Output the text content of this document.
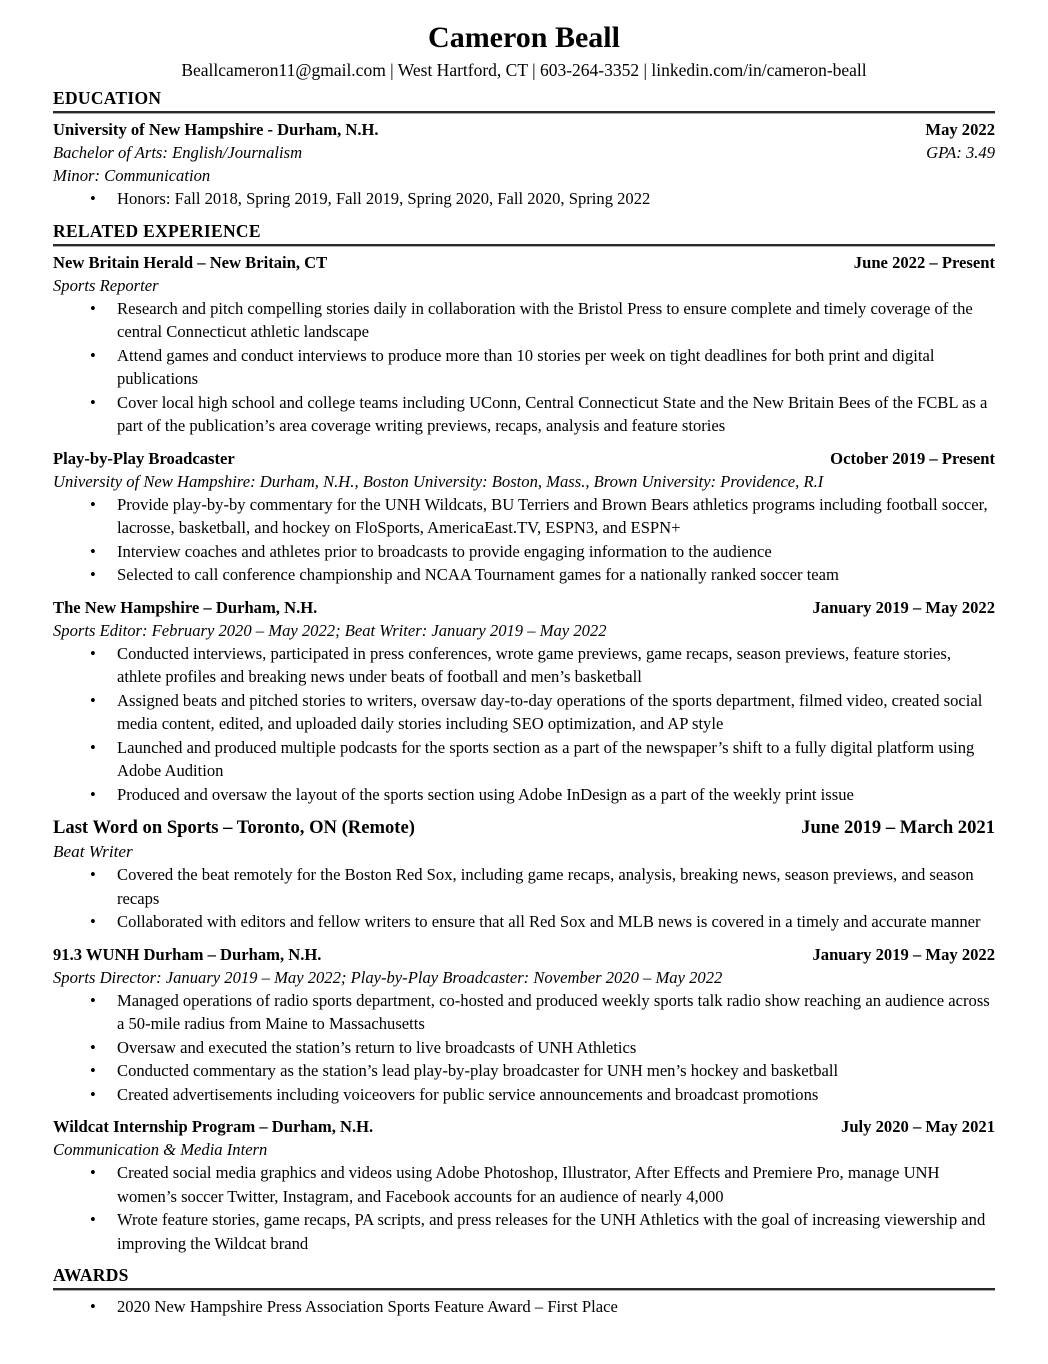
Cameron Beall
Beallcameron11@gmail.com | West Hartford, CT | 603-264-3352 | linkedin.com/in/cameron-beall
EDUCATION
University of New Hampshire - Durham, N.H.	May 2022
Bachelor of Arts: English/Journalism	GPA: 3.49
Minor: Communication
• Honors: Fall 2018, Spring 2019, Fall 2019, Spring 2020, Fall 2020, Spring 2022
RELATED EXPERIENCE
New Britain Herald – New Britain, CT	June 2022 – Present
Sports Reporter
• Research and pitch compelling stories daily in collaboration with the Bristol Press to ensure complete and timely coverage of the central Connecticut athletic landscape
• Attend games and conduct interviews to produce more than 10 stories per week on tight deadlines for both print and digital publications
• Cover local high school and college teams including UConn, Central Connecticut State and the New Britain Bees of the FCBL as a part of the publication’s area coverage writing previews, recaps, analysis and feature stories
Play-by-Play Broadcaster	October 2019 – Present
University of New Hampshire: Durham, N.H., Boston University: Boston, Mass., Brown University: Providence, R.I
• Provide play-by-by commentary for the UNH Wildcats, BU Terriers and Brown Bears athletics programs including football soccer, lacrosse, basketball, and hockey on FloSports, AmericaEast.TV, ESPN3, and ESPN+
• Interview coaches and athletes prior to broadcasts to provide engaging information to the audience
• Selected to call conference championship and NCAA Tournament games for a nationally ranked soccer team
The New Hampshire – Durham, N.H.	January 2019 – May 2022
Sports Editor: February 2020 – May 2022; Beat Writer: January 2019 – May 2022
• Conducted interviews, participated in press conferences, wrote game previews, game recaps, season previews, feature stories, athlete profiles and breaking news under beats of football and men’s basketball
• Assigned beats and pitched stories to writers, oversaw day-to-day operations of the sports department, filmed video, created social media content, edited, and uploaded daily stories including SEO optimization, and AP style
• Launched and produced multiple podcasts for the sports section as a part of the newspaper’s shift to a fully digital platform using Adobe Audition
• Produced and oversaw the layout of the sports section using Adobe InDesign as a part of the weekly print issue
Last Word on Sports – Toronto, ON (Remote)	June 2019 – March 2021
Beat Writer
• Covered the beat remotely for the Boston Red Sox, including game recaps, analysis, breaking news, season previews, and season recaps
• Collaborated with editors and fellow writers to ensure that all Red Sox and MLB news is covered in a timely and accurate manner
91.3 WUNH Durham – Durham, N.H.	January 2019 – May 2022
Sports Director: January 2019 – May 2022; Play-by-Play Broadcaster: November 2020 – May 2022
• Managed operations of radio sports department, co-hosted and produced weekly sports talk radio show reaching an audience across a 50-mile radius from Maine to Massachusetts
• Oversaw and executed the station’s return to live broadcasts of UNH Athletics
• Conducted commentary as the station’s lead play-by-play broadcaster for UNH men’s hockey and basketball
• Created advertisements including voiceovers for public service announcements and broadcast promotions
Wildcat Internship Program – Durham, N.H.	July 2020 – May 2021
Communication & Media Intern
• Created social media graphics and videos using Adobe Photoshop, Illustrator, After Effects and Premiere Pro, manage UNH women’s soccer Twitter, Instagram, and Facebook accounts for an audience of nearly 4,000
• Wrote feature stories, game recaps, PA scripts, and press releases for the UNH Athletics with the goal of increasing viewership and improving the Wildcat brand
AWARDS
• 2020 New Hampshire Press Association Sports Feature Award – First Place
